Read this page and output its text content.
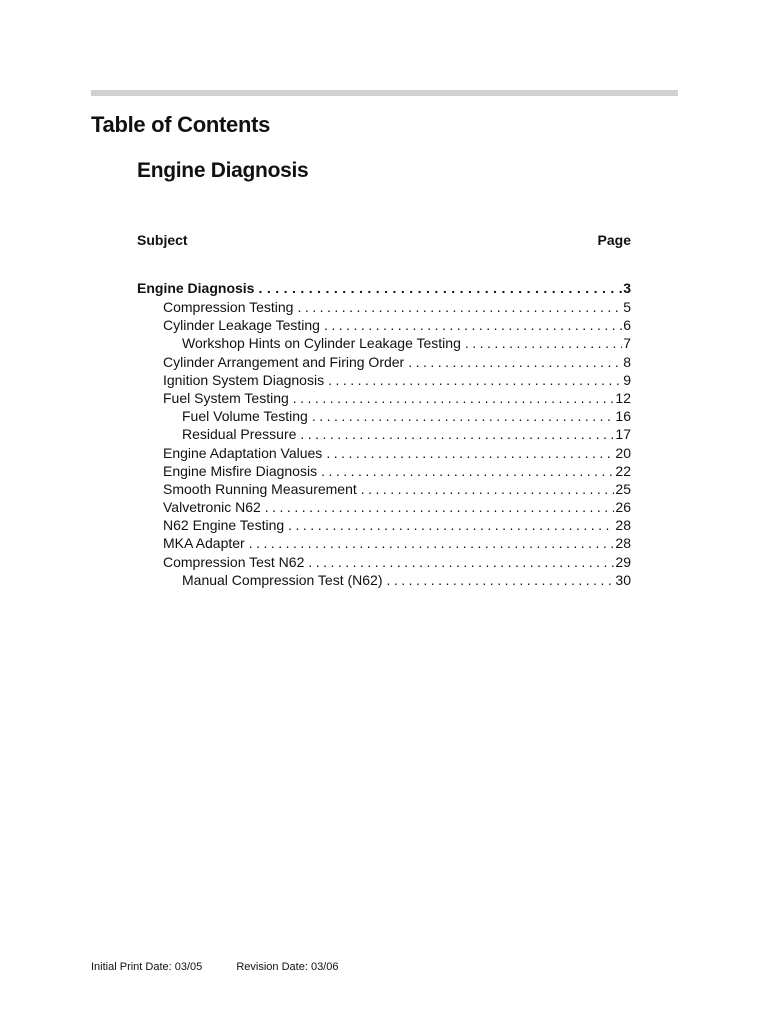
Table of Contents
Engine Diagnosis
Subject	Page
Engine Diagnosis . . .	3
Compression Testing . . .	5
Cylinder Leakage Testing . . .	6
Workshop Hints on Cylinder Leakage Testing . . .	7
Cylinder Arrangement and Firing Order . . .	8
Ignition System Diagnosis . . .	9
Fuel System Testing . . .	12
Fuel Volume Testing . . .	16
Residual Pressure . . .	17
Engine Adaptation Values . . .	20
Engine Misfire Diagnosis . . .	22
Smooth Running Measurement . . .	25
Valvetronic N62 . . .	26
N62 Engine Testing . . .	28
MKA Adapter . . .	28
Compression Test N62 . . .	29
Manual Compression Test (N62) . . .	30
Initial Print Date: 03/05	Revision Date: 03/06
